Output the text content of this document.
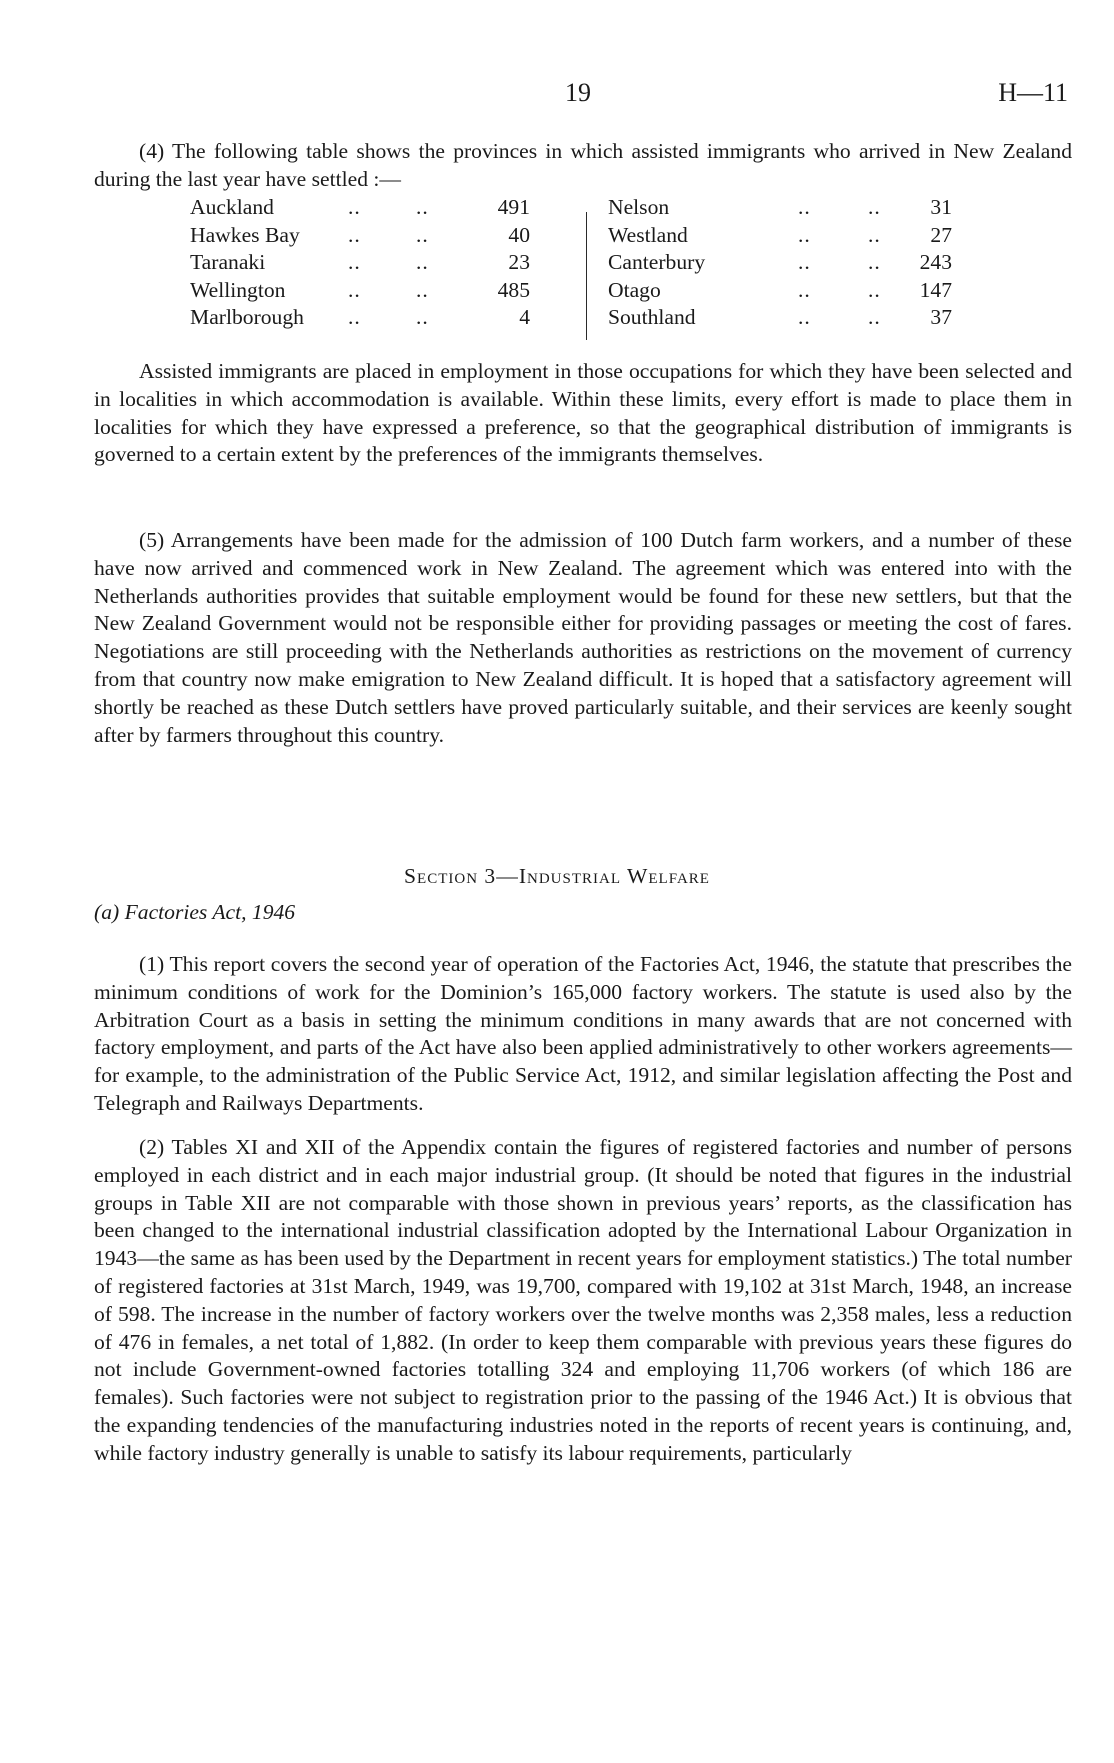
19	H—11

(4) The following table shows the provinces in which assisted immigrants who arrived in New Zealand during the last year have settled :—

Auckland	..	..	491
Hawkes Bay ..	..	40
Taranaki	..	..	23
Wellington	..	..	485
Marlborough ..	..	4
Nelson	..	.. 31
Westland	..	.. 27
Canterbury	..	.. 243
Otago	..	.. 147
Southland	..	.. 37

Assisted immigrants are placed in employment in those occupations for which they have been selected and in localities in which accommodation is available. Within these limits, every effort is made to place them in localities for which they have expressed a preference, so that the geographical distribution of immigrants is governed to a certain extent by the preferences of the immigrants themselves.

(5) Arrangements have been made for the admission of 100 Dutch farm workers, and a number of these have now arrived and commenced work in New Zealand. The agreement which was entered into with the Netherlands authorities provides that suitable employment would be found for these new settlers, but that the New Zealand Government would not be responsible either for providing passages or meeting the cost of fares. Negotiations are still proceeding with the Netherlands authorities as restrictions on the movement of currency from that country now make emigration to New Zealand difficult. It is hoped that a satisfactory agreement will shortly be reached as these Dutch settlers have proved particularly suitable, and their services are keenly sought after by farmers throughout this country.

Section 3—Industrial Welfare
(a) Factories Act, 1946

(1) This report covers the second year of operation of the Factories Act, 1946, the statute that prescribes the minimum conditions of work for the Dominion’s 165,000 factory workers. The statute is used also by the Arbitration Court as a basis in setting the minimum conditions in many awards that are not concerned with factory employment, and parts of the Act have also been applied administratively to other workers agreements—for example, to the administration of the Public Service Act, 1912, and similar legislation affecting the Post and Telegraph and Railways Departments.

(2) Tables XI and XII of the Appendix contain the figures of registered factories and number of persons employed in each district and in each major industrial group. (It should be noted that figures in the industrial groups in Table XII are not comparable with those shown in previous years’ reports, as the classification has been changed to the international industrial classification adopted by the International Labour Organization in 1943—the same as has been used by the Department in recent years for employment statistics.) The total number of registered factories at 31st March, 1949, was 19,700, compared with 19,102 at 31st March, 1948, an increase of 598. The increase in the number of factory workers over the twelve months was 2,358 males, less a reduction of 476 in females, a net total of 1,882. (In order to keep them comparable with previous years these figures do not include Government-owned factories totalling 324 and employing 11,706 workers (of which 186 are females). Such factories were not subject to registration prior to the passing of the 1946 Act.) It is obvious that the expanding tendencies of the manufacturing industries noted in the reports of recent years is continuing, and, while factory industry generally is unable to satisfy its labour requirements, particularly
